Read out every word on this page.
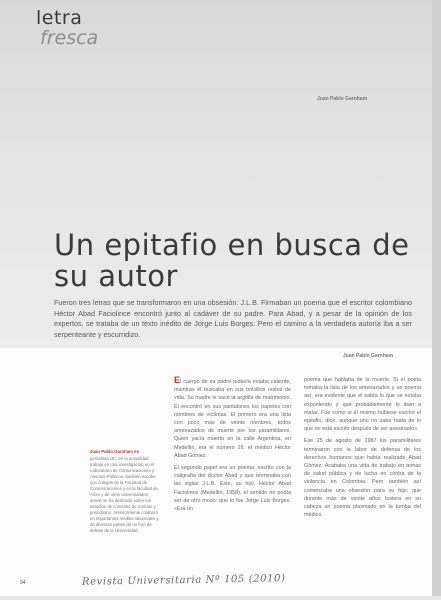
letra
fresca
Juan Pablo Garnham
Un epitafio en busca de su autor

Fueron tres letras que se transformaron en una obsesión: J.L.B. Firmaban un poema que el escritor colombiano Héctor Abad Faciolince encontró junto al cadáver de su padre. Para Abad, y a pesar de la opinión de los expertos, se trataba de un texto inédito de Jorge Luis Borges. Pero el camino a la verdadera autoría iba a ser serpenteante y escurridizo.

Juan Pablo Garnham
Juan Pablo Garnham es
periodista UC, en la actualidad trabaja en una investigación en el Laboratorio de Comunicaciones y Asuntos Públicos, también escribe con colegas de la Facultad de Comunicaciones y en la facultad de Artes y de otras universidades; donde se ha dedicado sobre los estudios de consumo de noticias y periodismo. Anteriormente colaboró en importantes medios nacionales y de diversas partes de un foro de debate de la Universidad.
El cuerpo de su padre todavía estaba caliente, mientras él buscaba en sus bolsillos restos de vida. Su madre le sacó la argolla de matrimonio. Él encontró en sus pantalones los papeles con nombres de víctimas. El primero era una lista con poco más de veinte nombres, todos amenazados de muerte por los paramilitares. Quien yacía muerto en la calle Argentina, en Medellín, era el número 16: el médico Héctor Abad Gómez.
El segundo papel era un poema, escrito con la caligrafía del doctor Abad y que terminaba con las siglas J.L.B. Este, su hijo, Héctor Abad Faciolince (Medellín, 1958), el sentido no podía ser de otro modo: que lo fue Jorge Luis Borges. «Era un
poema que hablaba de la muerte. Si el poeta tomaba la lista de los amenazados y un poema así, era evidente que el sabía lo que se estaba exponiendo y que probablemente lo iban a matar. Fue como si él mismo hubiese escrito el epitafio, dice, aunque uno no sabe nada de lo que no está escrito después de ser asesinado».
Ese 25 de agosto de 1987 los paramilitares terminaron con la labor de defensa de los derechos humanos que había realizado Abad Gómez. Acababa una vida de trabajo en temas de salud pública y de lucha en contra de la violencia en Colombia. Pero también así comenzaba una obsesión para su hijo: que durante más de veinte años tuviera en su cabeza un poema plasmado en la tumba del médico.
94	Revista Universitaria Nº 105 (2010)
